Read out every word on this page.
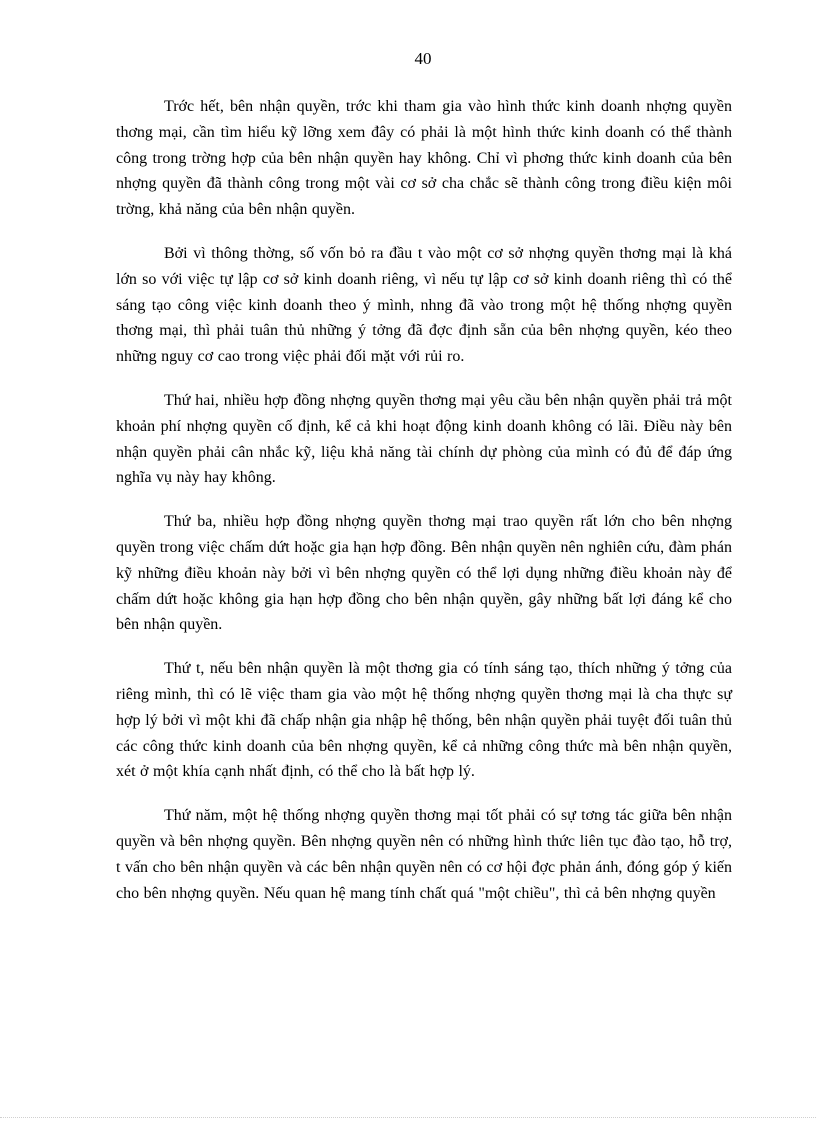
40

Trớc hết, bên nhận quyền, trớc khi tham gia vào hình thức kinh doanh nhợng quyền thơng mại, cần tìm hiểu kỹ lỡng xem đây có phải là một hình thức kinh doanh có thể thành công trong trờng hợp của bên nhận quyền hay không. Chỉ vì phơng thức kinh doanh của bên nhợng quyền đã thành công trong một vài cơ sở cha chắc sẽ thành công trong điều kiện môi trờng, khả năng của bên nhận quyền.

Bởi vì thông thờng, số vốn bỏ ra đầu t vào một cơ sở nhợng quyền thơng mại là khá lớn so với việc tự lập cơ sở kinh doanh riêng, vì nếu tự lập cơ sở kinh doanh riêng thì có thể sáng tạo công việc kinh doanh theo ý mình, nhng đã vào trong một hệ thống nhợng quyền thơng mại, thì phải tuân thủ những ý tởng đã đợc định sẵn của bên nhợng quyền, kéo theo những nguy cơ cao trong việc phải đối mặt với rủi ro.

Thứ hai, nhiều hợp đồng nhợng quyền thơng mại yêu cầu bên nhận quyền phải trả một khoản phí nhợng quyền cố định, kể cả khi hoạt động kinh doanh không có lãi. Điều này bên nhận quyền phải cân nhắc kỹ, liệu khả năng tài chính dự phòng của mình có đủ để đáp ứng nghĩa vụ này hay không.

Thứ ba, nhiều hợp đồng nhợng quyền thơng mại trao quyền rất lớn cho bên nhợng quyền trong việc chấm dứt hoặc gia hạn hợp đồng. Bên nhận quyền nên nghiên cứu, đàm phán kỹ những điều khoản này bởi vì bên nhợng quyền có thể lợi dụng những điều khoản này để chấm dứt hoặc không gia hạn hợp đồng cho bên nhận quyền, gây những bất lợi đáng kể cho bên nhận quyền.

Thứ t, nếu bên nhận quyền là một thơng gia có tính sáng tạo, thích những ý tởng của riêng mình, thì có lẽ việc tham gia vào một hệ thống nhợng quyền thơng mại là cha thực sự hợp lý bởi vì một khi đã chấp nhận gia nhập hệ thống, bên nhận quyền phải tuyệt đối tuân thủ các công thức kinh doanh của bên nhợng quyền, kể cả những công thức mà bên nhận quyền, xét ở một khía cạnh nhất định, có thể cho là bất hợp lý.

Thứ năm, một hệ thống nhợng quyền thơng mại tốt phải có sự tơng tác giữa bên nhận quyền và bên nhợng quyền. Bên nhợng quyền nên có những hình thức liên tục đào tạo, hỗ trợ, t vấn cho bên nhận quyền và các bên nhận quyền nên có cơ hội đợc phản ánh, đóng góp ý kiến cho bên nhợng quyền. Nếu quan hệ mang tính chất quá "một chiều", thì cả bên nhợng quyền
